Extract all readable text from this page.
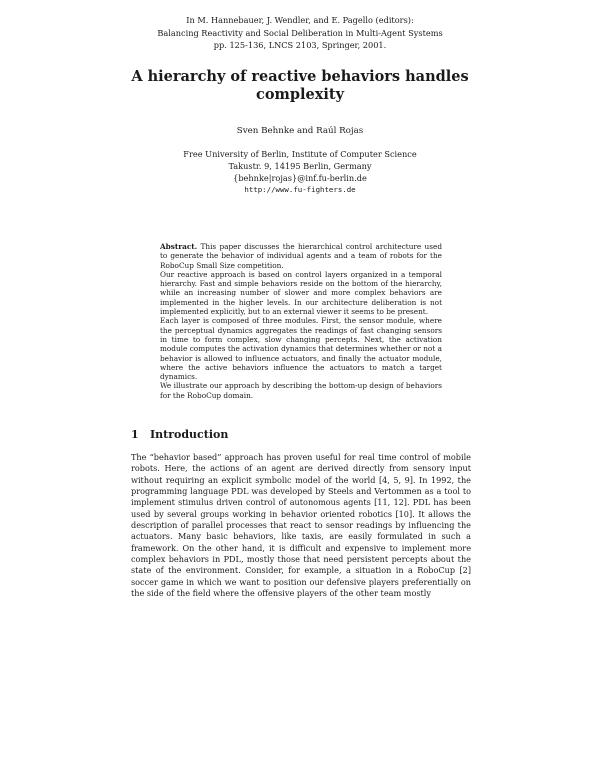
In M. Hannebauer, J. Wendler, and E. Pagello (editors):
Balancing Reactivity and Social Deliberation in Multi-Agent Systems
pp. 125-136, LNCS 2103, Springer, 2001.
A hierarchy of reactive behaviors handles
complexity
Sven Behnke and Raúl Rojas
Free University of Berlin, Institute of Computer Science
Takustr. 9, 14195 Berlin, Germany
{behnke|rojas}@inf.fu-berlin.de
http://www.fu-fighters.de

Abstract. This paper discusses the hierarchical control architecture used to generate the behavior of individual agents and a team of robots for the RoboCup Small Size competition.

Our reactive approach is based on control layers organized in a temporal hierarchy. Fast and simple behaviors reside on the bottom of the hierarchy, while an increasing number of slower and more complex behaviors are implemented in the higher levels. In our architecture deliberation is not implemented explicitly, but to an external viewer it seems to be present.

Each layer is composed of three modules. First, the sensor module, where the perceptual dynamics aggregates the readings of fast changing sensors in time to form complex, slow changing percepts. Next, the activation module computes the activation dynamics that determines whether or not a behavior is allowed to influence actuators, and finally the actuator module, where the active behaviors influence the actuators to match a target dynamics.

We illustrate our approach by describing the bottom-up design of behaviors for the RoboCup domain.

1 Introduction

The “behavior based” approach has proven useful for real time control of mobile robots. Here, the actions of an agent are derived directly from sensory input without requiring an explicit symbolic model of the world [4, 5, 9]. In 1992, the programming language PDL was developed by Steels and Vertommen as a tool to implement stimulus driven control of autonomous agents [11, 12]. PDL has been used by several groups working in behavior oriented robotics [10]. It allows the description of parallel processes that react to sensor readings by influencing the actuators. Many basic behaviors, like taxis, are easily formulated in such a framework. On the other hand, it is difficult and expensive to implement more complex behaviors in PDL, mostly those that need persistent percepts about the state of the environment. Consider, for example, a situation in a RoboCup [2] soccer game in which we want to position our defensive players preferentially on the side of the field where the offensive players of the other team mostly
